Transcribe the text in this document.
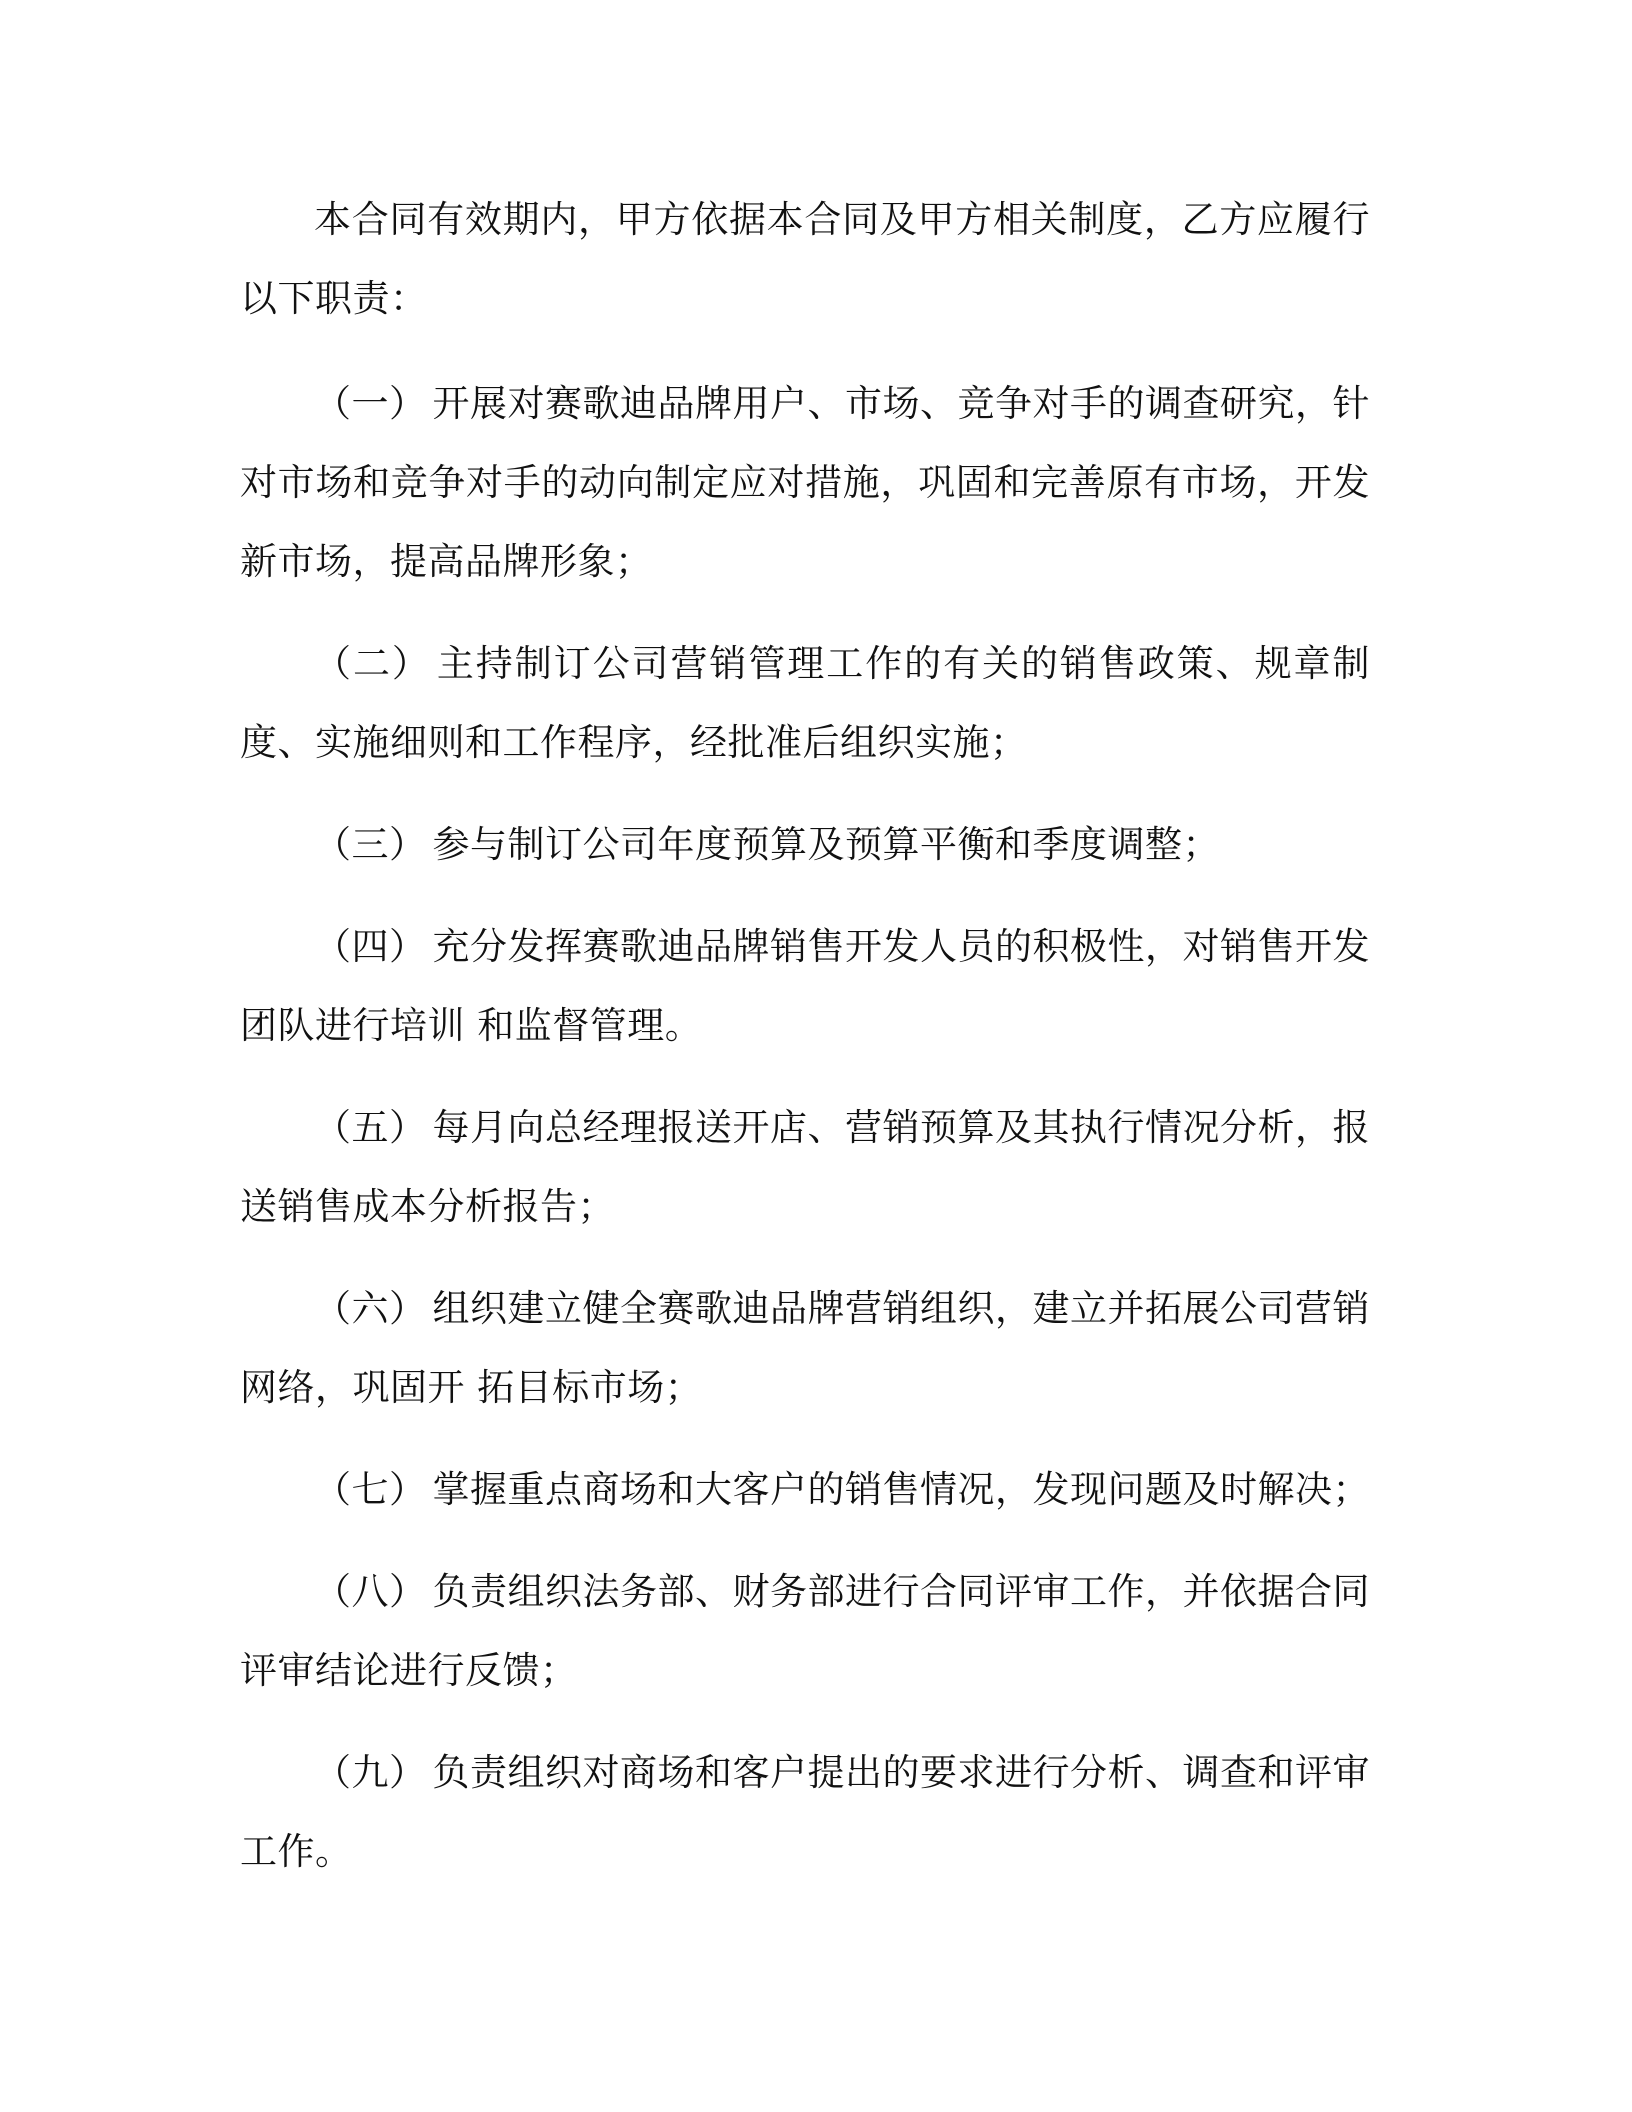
本合同有效期内，甲方依据本合同及甲方相关制度，乙方应履行以下职责：

（一） 开展对赛歌迪品牌用户、市场、竞争对手的调查研究，针对市场和竞争对手的动向制定应对措施，巩固和完善原有市场，开发新市场，提高品牌形象；

（二） 主持制订公司营销管理工作的有关的销售政策、规章制度、实施细则和工作程序，经批准后组织实施；

（三） 参与制订公司年度预算及预算平衡和季度调整；

（四） 充分发挥赛歌迪品牌销售开发人员的积极性，对销售开发团队进行培训 和监督管理。

（五） 每月向总经理报送开店、营销预算及其执行情况分析，报送销售成本分析报告；

（六） 组织建立健全赛歌迪品牌营销组织，建立并拓展公司营销网络，巩固开 拓目标市场；

（七） 掌握重点商场和大客户的销售情况，发现问题及时解决；

（八） 负责组织法务部、财务部进行合同评审工作，并依据合同评审结论进行反馈；

（九） 负责组织对商场和客户提出的要求进行分析、调查和评审工作。
